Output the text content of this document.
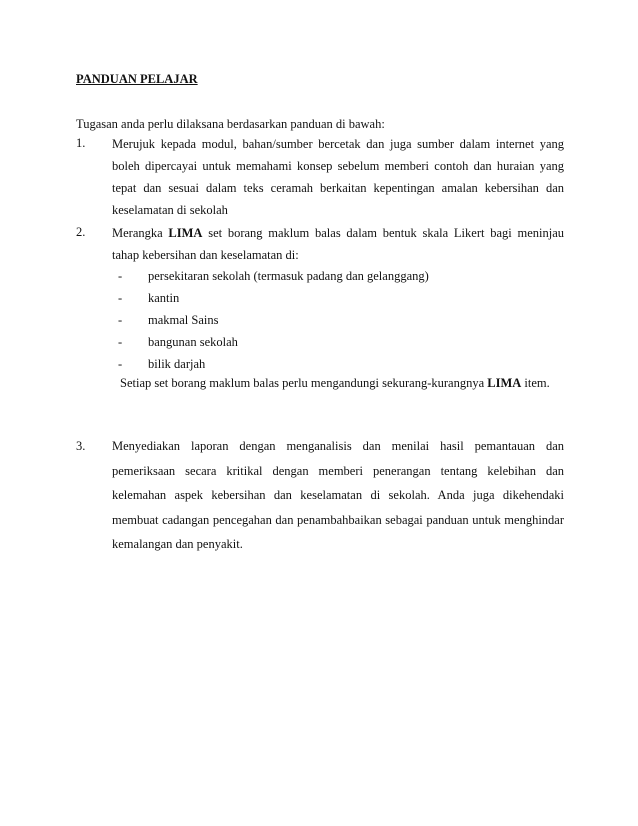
PANDUAN PELAJAR
Tugasan anda perlu dilaksana berdasarkan panduan di bawah:
1. Merujuk kepada modul, bahan/sumber bercetak dan juga sumber dalam internet yang boleh dipercayai untuk memahami konsep sebelum memberi contoh dan huraian yang tepat dan sesuai dalam teks ceramah berkaitan kepentingan amalan kebersihan dan keselamatan di sekolah
2. Merangka LIMA set borang maklum balas dalam bentuk skala Likert bagi meninjau tahap kebersihan dan keselamatan di:
- persekitaran sekolah (termasuk padang dan gelanggang)
- kantin
- makmal Sains
- bangunan sekolah
- bilik darjah
Setiap set borang maklum balas perlu mengandungi sekurang-kurangnya LIMA item.
3. Menyediakan laporan dengan menganalisis dan menilai hasil pemantauan dan pemeriksaan secara kritikal dengan memberi penerangan tentang kelebihan dan kelemahan aspek kebersihan dan keselamatan di sekolah. Anda juga dikehendaki membuat cadangan pencegahan dan penambahbaikan sebagai panduan untuk menghindar kemalangan dan penyakit.
